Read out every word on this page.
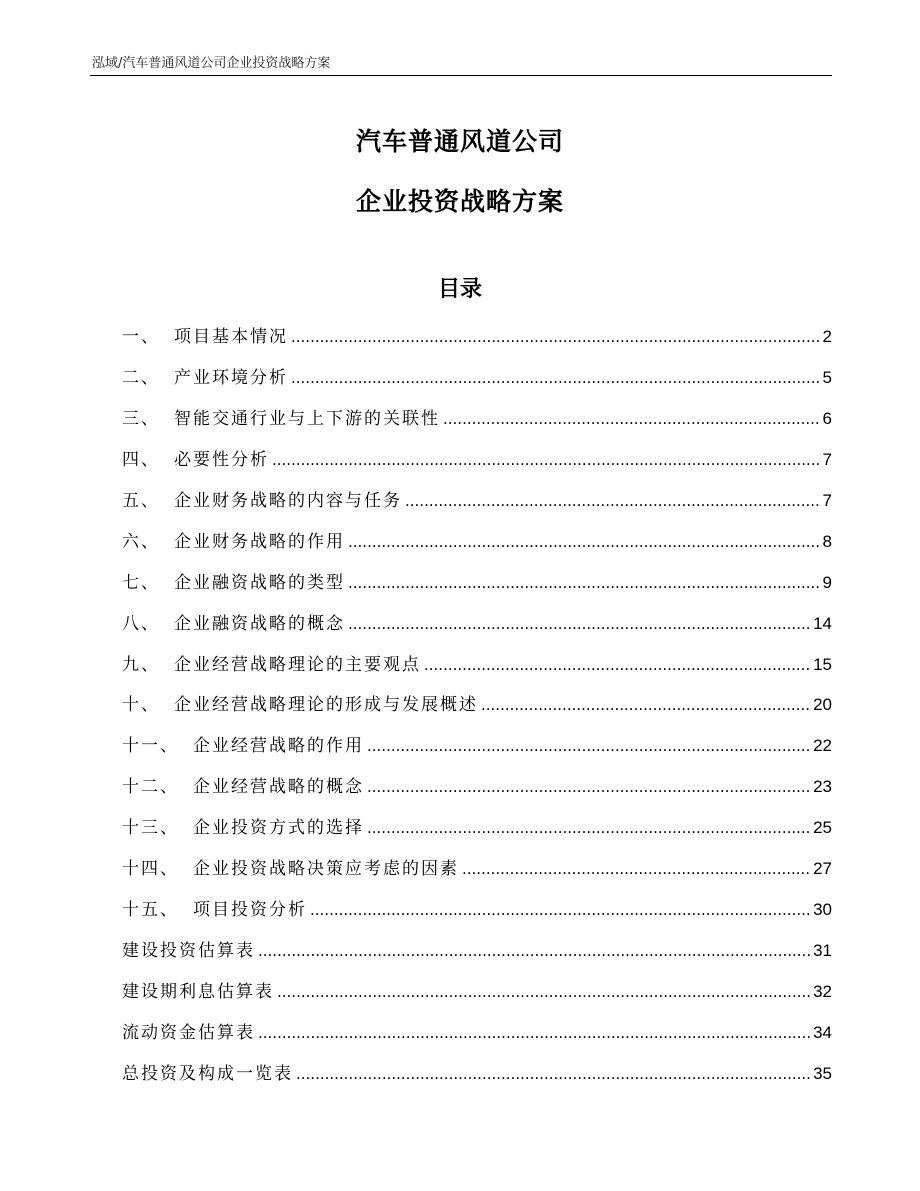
泓域/汽车普通风道公司企业投资战略方案
汽车普通风道公司
企业投资战略方案
目录
一、 项目基本情况 .....	2
二、 产业环境分析 .....	5
三、 智能交通行业与上下游的关联性 .....	6
四、 必要性分析 .....	7
五、 企业财务战略的内容与任务 .....	7
六、 企业财务战略的作用 .....	8
七、 企业融资战略的类型 .....	9
八、 企业融资战略的概念 .....	14
九、 企业经营战略理论的主要观点 .....	15
十、 企业经营战略理论的形成与发展概述 .....	20
十一、 企业经营战略的作用 .....	22
十二、 企业经营战略的概念 .....	23
十三、 企业投资方式的选择 .....	25
十四、 企业投资战略决策应考虑的因素 .....	27
十五、 项目投资分析 .....	30
建设投资估算表 .....	31
建设期利息估算表 .....	32
流动资金估算表 .....	34
总投资及构成一览表 .....	35
